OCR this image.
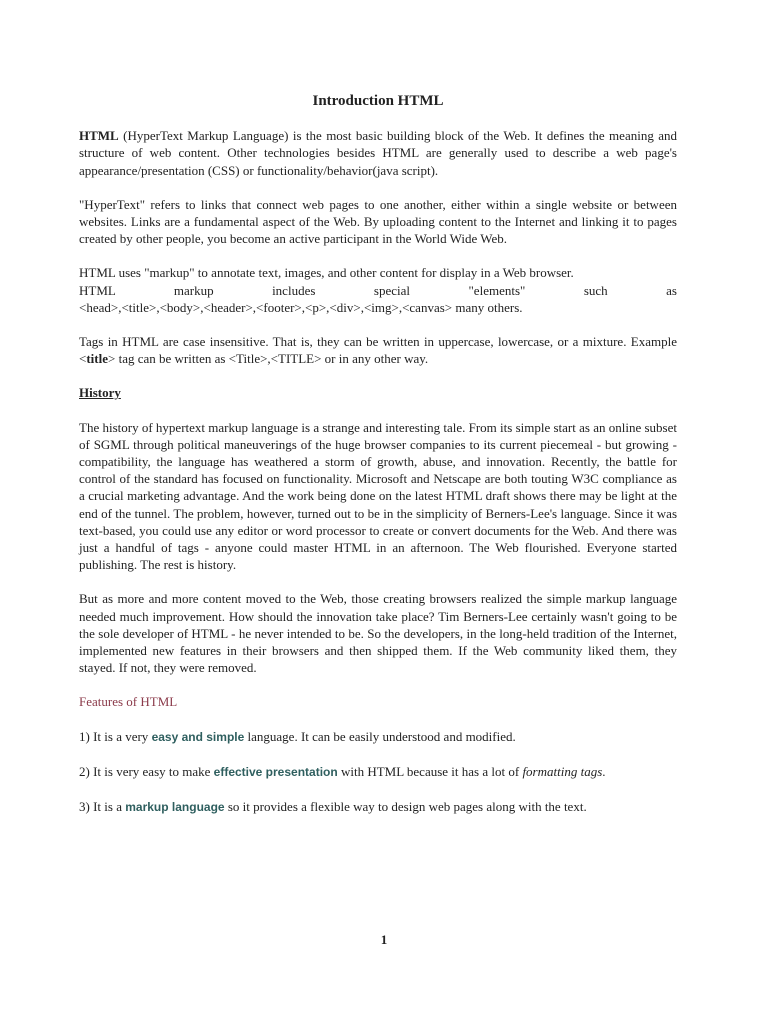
Introduction HTML

HTML (HyperText Markup Language) is the most basic building block of the Web. It defines the meaning and structure of web content. Other technologies besides HTML are generally used to describe a web page's appearance/presentation (CSS) or functionality/behavior(java script).

"HyperText" refers to links that connect web pages to one another, either within a single website or between websites. Links are a fundamental aspect of the Web. By uploading content to the Internet and linking it to pages created by other people, you become an active participant in the World Wide Web.

HTML uses "markup" to annotate text, images, and other content for display in a Web browser.
HTML markup includes special "elements" such as
<head>,<title>,<body>,<header>,<footer>,<p>,<div>,<img>,<canvas> many others.

Tags in HTML are case insensitive. That is, they can be written in uppercase, lowercase, or a mixture. Example <title> tag can be written as <Title>,<TITLE> or in any other way.

History

The history of hypertext markup language is a strange and interesting tale. From its simple start as an online subset of SGML through political maneuverings of the huge browser companies to its current piecemeal - but growing - compatibility, the language has weathered a storm of growth, abuse, and innovation. Recently, the battle for control of the standard has focused on functionality. Microsoft and Netscape are both touting W3C compliance as a crucial marketing advantage. And the work being done on the latest HTML draft shows there may be light at the end of the tunnel. The problem, however, turned out to be in the simplicity of Berners-Lee's language. Since it was text-based, you could use any editor or word processor to create or convert documents for the Web. And there was just a handful of tags - anyone could master HTML in an afternoon. The Web flourished. Everyone started publishing. The rest is history.

But as more and more content moved to the Web, those creating browsers realized the simple markup language needed much improvement. How should the innovation take place? Tim Berners-Lee certainly wasn't going to be the sole developer of HTML - he never intended to be. So the developers, in the long-held tradition of the Internet, implemented new features in their browsers and then shipped them. If the Web community liked them, they stayed. If not, they were removed.

Features of HTML

1) It is a very easy and simple language. It can be easily understood and modified.

2) It is very easy to make effective presentation with HTML because it has a lot of formatting tags.

3) It is a markup language so it provides a flexible way to design web pages along with the text.

1
